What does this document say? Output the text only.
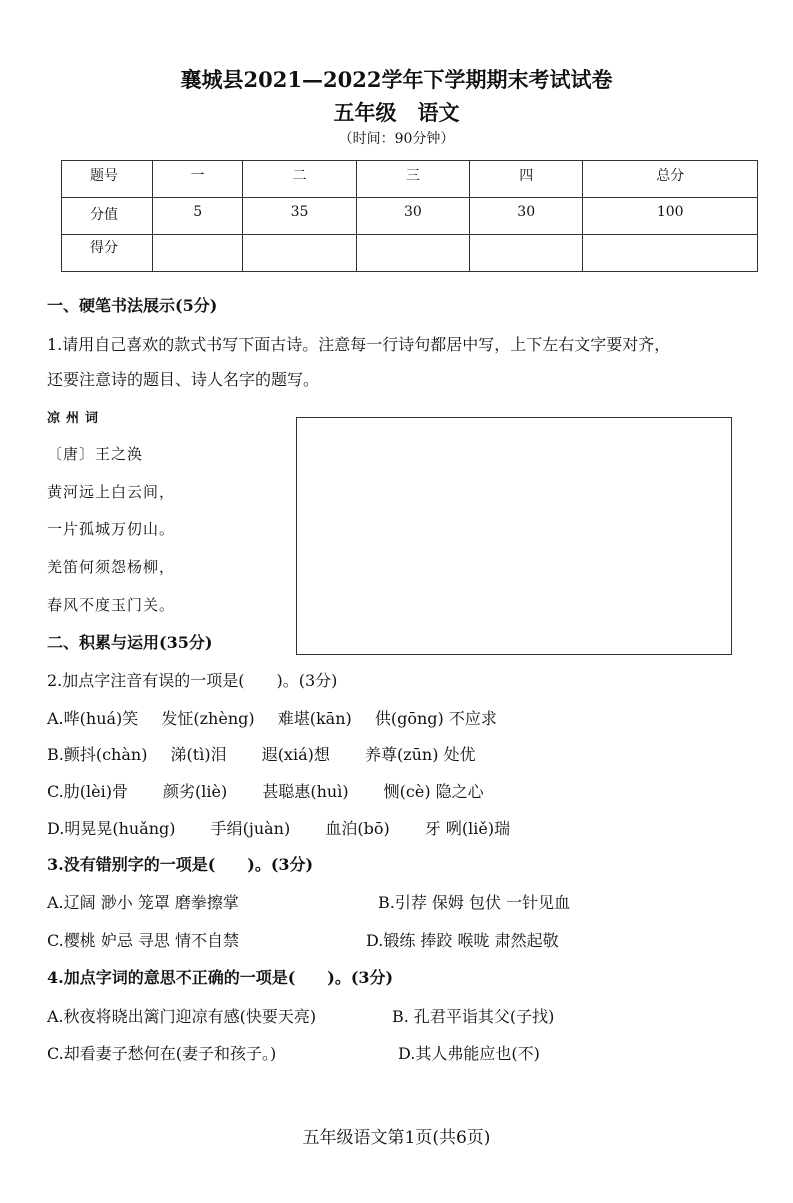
襄城县2021—2022学年下学期期末考试试卷
五年级　语文
（时间：90分钟）
题号	一	二	三	四	总分
分值	5	35	30	30	100
得分					
一、硬笔书法展示(5分)
1.请用自己喜欢的款式书写下面古诗。注意每一行诗句都居中写，上下左右文字要对齐，
还要注意诗的题目、诗人名字的题写。
凉州词
〔唐〕王之涣
黄河远上白云间，
一片孤城万仞山。
羌笛何须怨杨柳，
春风不度玉门关。
二、积累与运用(35分)
2.加点字注音有误的一项是(　　)。(3分)
A.哗(huá)笑 发怔(zhèng) 难堪(kān) 供(gōng) 不应求
B.颤抖(chàn) 涕(tì)泪 遐(xiá)想 养尊(zūn) 处优
C.肋(lèi)骨 颜劣(liè) 甚聪惠(huì) 恻(cè) 隐之心
D.明晃晃(huǎng) 手绢(juàn) 血泊(bō) 牙 咧(liě)瑞
3.没有错别字的一项是(　　)。(3分)
A.辽阔 渺小 笼罩 磨拳擦掌	B.引荐 保姆 包伏 一针见血
C.樱桃 妒忌 寻思 情不自禁	D.锻练 捧跤 喉咙 肃然起敬
4.加点字词的意思不正确的一项是(　　)。(3分)
A.秋夜将晓出篱门迎凉有感(快要天亮)	B. 孔君平诣其父(子找)
C.却看妻子愁何在(妻子和孩子。)	D.其人弗能应也(不)
五年级语文第1页(共6页)
